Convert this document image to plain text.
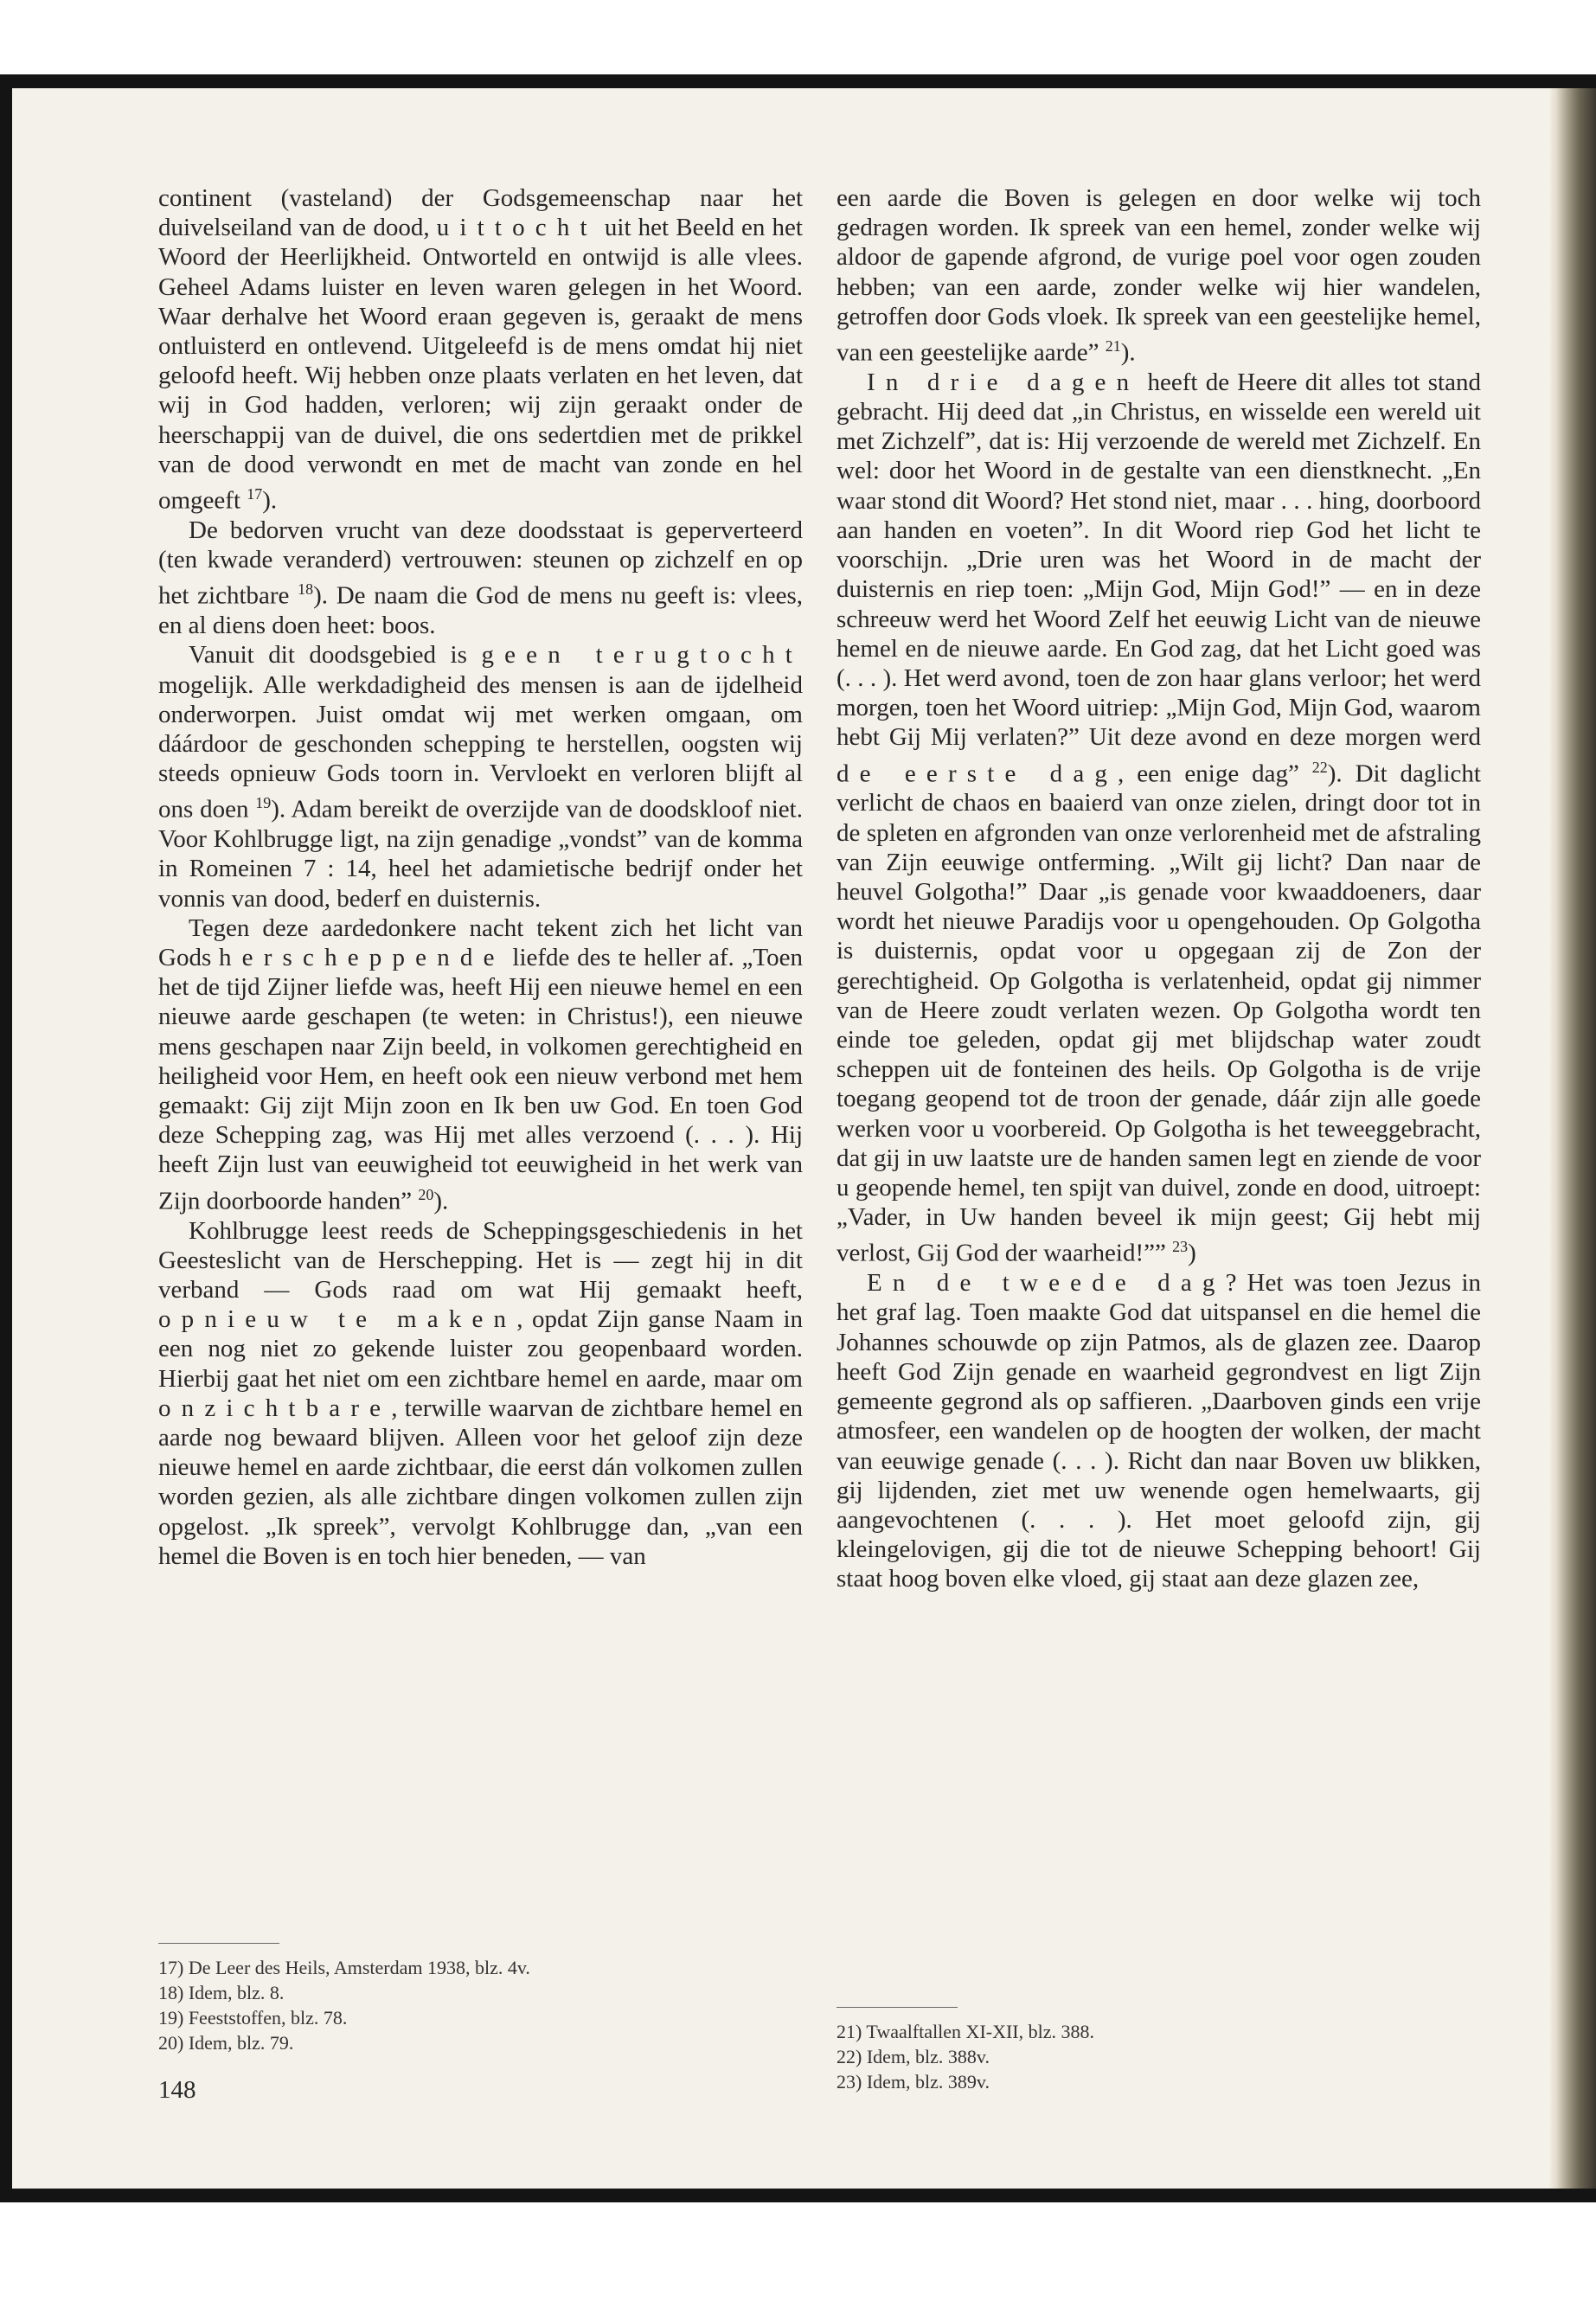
continent (vasteland) der Godsgemeenschap naar het duivelseiland van de dood, uittocht uit het Beeld en het Woord der Heerlijkheid. Ontworteld en ontwijd is alle vlees. Geheel Adams luister en leven waren gelegen in het Woord. Waar derhalve het Woord eraan gegeven is, geraakt de mens ontluisterd en ontlevend. Uitgeleefd is de mens omdat hij niet geloofd heeft. Wij hebben onze plaats verlaten en het leven, dat wij in God hadden, verloren; wij zijn geraakt onder de heerschappij van de duivel, die ons sedertdien met de prikkel van de dood verwondt en met de macht van zonde en hel omgeeft $^{17}$).

De bedorven vrucht van deze doodsstaat is geperverteerd (ten kwade veranderd) vertrouwen: steunen op zichzelf en op het zichtbare $^{18}$). De naam die God de mens nu geeft is: vlees, en al diens doen heet: boos.

Vanuit dit doodsgebied is geen terugtocht mogelijk. Alle werkdadigheid des mensen is aan de ijdelheid onderworpen. Juist omdat wij met werken omgaan, om dáárdoor de geschonden schepping te herstellen, oogsten wij steeds opnieuw Gods toorn in. Vervloekt en verloren blijft al ons doen $^{19}$). Adam bereikt de overzijde van de doodskloof niet. Voor Kohlbrugge ligt, na zijn genadige „vondst” van de komma in Romeinen 7 : 14, heel het adamietische bedrijf onder het vonnis van dood, bederf en duisternis.

Tegen deze aardedonkere nacht tekent zich het licht van Gods herscheppende liefde des te heller af. „Toen het de tijd Zijner liefde was, heeft Hij een nieuwe hemel en een nieuwe aarde geschapen (te weten: in Christus!), een nieuwe mens geschapen naar Zijn beeld, in volkomen gerechtigheid en heiligheid voor Hem, en heeft ook een nieuw verbond met hem gemaakt: Gij zijt Mijn zoon en Ik ben uw God. En toen God deze Schepping zag, was Hij met alles verzoend (. . . ). Hij heeft Zijn lust van eeuwigheid tot eeuwigheid in het werk van Zijn doorboorde handen” $^{20}$).

Kohlbrugge leest reeds de Scheppingsgeschiedenis in het Geesteslicht van de Herschepping. Het is — zegt hij in dit verband — Gods raad om wat Hij gemaakt heeft, opnieuw te maken, opdat Zijn ganse Naam in een nog niet zo gekende luister zou geopenbaard worden. Hierbij gaat het niet om een zichtbare hemel en aarde, maar om onzichtbare, terwille waarvan de zichtbare hemel en aarde nog bewaard blijven. Alleen voor het geloof zijn deze nieuwe hemel en aarde zichtbaar, die eerst dán volkomen zullen worden gezien, als alle zichtbare dingen volkomen zullen zijn opgelost. „Ik spreek”, vervolgt Kohlbrugge dan, „van een hemel die Boven is en toch hier beneden, — van

17) De Leer des Heils, Amsterdam 1938, blz. 4v.
18) Idem, blz. 8.
19) Feeststoffen, blz. 78.
20) Idem, blz. 79.
148

een aarde die Boven is gelegen en door welke wij toch gedragen worden. Ik spreek van een hemel, zonder welke wij aldoor de gapende afgrond, de vurige poel voor ogen zouden hebben; van een aarde, zonder welke wij hier wandelen, getroffen door Gods vloek. Ik spreek van een geestelijke hemel, van een geestelijke aarde” $^{21}$).

In drie dagen heeft de Heere dit alles tot stand gebracht. Hij deed dat „in Christus, en wisselde een wereld uit met Zichzelf”, dat is: Hij verzoende de wereld met Zichzelf. En wel: door het Woord in de gestalte van een dienstknecht. „En waar stond dit Woord? Het stond niet, maar . . . hing, doorboord aan handen en voeten”. In dit Woord riep God het licht te voorschijn. „Drie uren was het Woord in de macht der duisternis en riep toen: „Mijn God, Mijn God!” — en in deze schreeuw werd het Woord Zelf het eeuwig Licht van de nieuwe hemel en de nieuwe aarde. En God zag, dat het Licht goed was (. . . ). Het werd avond, toen de zon haar glans verloor; het werd morgen, toen het Woord uitriep: „Mijn God, Mijn God, waarom hebt Gij Mij verlaten?” Uit deze avond en deze morgen werd de eerste dag, een enige dag” $^{22}$). Dit daglicht verlicht de chaos en baaierd van onze zielen, dringt door tot in de spleten en afgronden van onze verlorenheid met de afstraling van Zijn eeuwige ontferming. „Wilt gij licht? Dan naar de heuvel Golgotha!” Daar „is genade voor kwaaddoeners, daar wordt het nieuwe Paradijs voor u opengehouden. Op Golgotha is duisternis, opdat voor u opgegaan zij de Zon der gerechtigheid. Op Golgotha is verlatenheid, opdat gij nimmer van de Heere zoudt verlaten wezen. Op Golgotha wordt ten einde toe geleden, opdat gij met blijdschap water zoudt scheppen uit de fonteinen des heils. Op Golgotha is de vrije toegang geopend tot de troon der genade, dáár zijn alle goede werken voor u voorbereid. Op Golgotha is het teweeggebracht, dat gij in uw laatste ure de handen samen legt en ziende de voor u geopende hemel, ten spijt van duivel, zonde en dood, uitroept: „Vader, in Uw handen beveel ik mijn geest; Gij hebt mij verlost, Gij God der waarheid!”” $^{23}$)

En de tweede dag? Het was toen Jezus in het graf lag. Toen maakte God dat uitspansel en die hemel die Johannes schouwde op zijn Patmos, als de glazen zee. Daarop heeft God Zijn genade en waarheid gegrondvest en ligt Zijn gemeente gegrond als op saffieren. „Daarboven ginds een vrije atmosfeer, een wandelen op de hoogten der wolken, der macht van eeuwige genade (. . . ). Richt dan naar Boven uw blikken, gij lijdenden, ziet met uw wenende ogen hemelwaarts, gij aangevochtenen (. . . ). Het moet geloofd zijn, gij kleingelovigen, gij die tot de nieuwe Schepping behoort! Gij staat hoog boven elke vloed, gij staat aan deze glazen zee,

21) Twaalftallen XI-XII, blz. 388.
22) Idem, blz. 388v.
23) Idem, blz. 389v.
